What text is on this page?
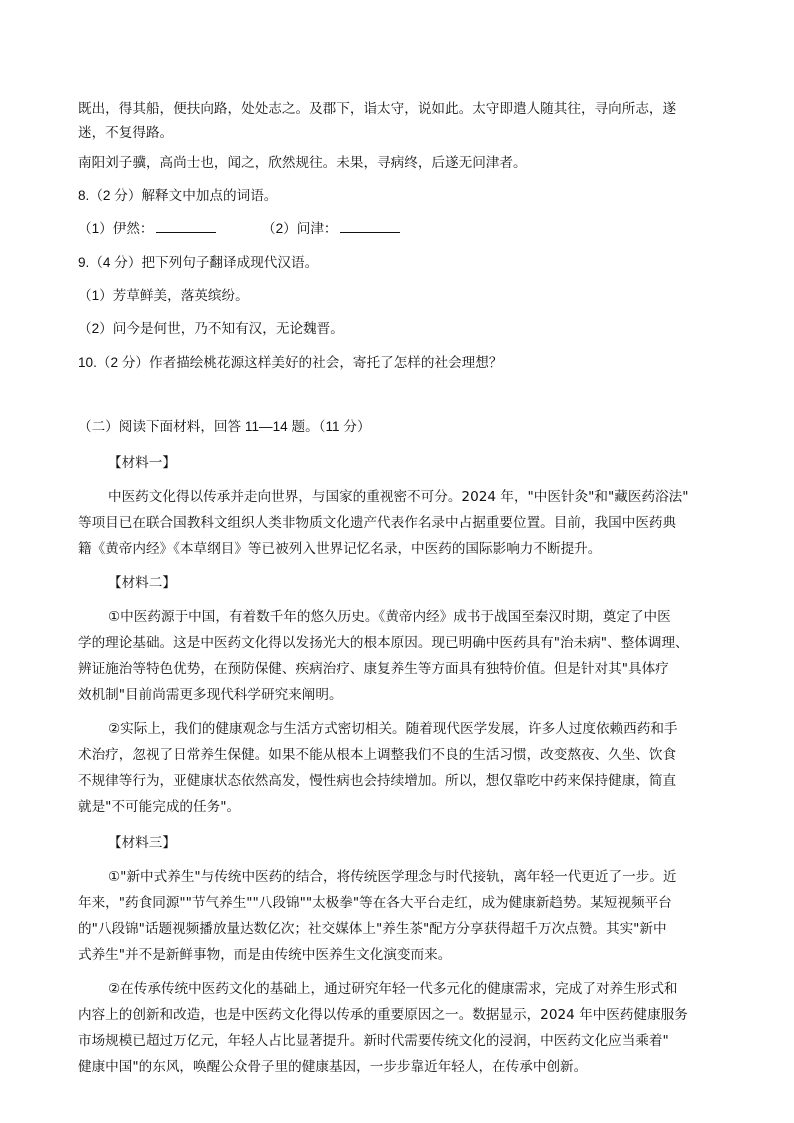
既出，得其船，便扶向路，处处志之。及郡下，诣太守，说如此。太守即遣人随其往，寻向所志，遂

迷，不复得路。

南阳刘子骥，高尚士也，闻之，欣然规往。未果，寻病终，后遂无问津者。

8.（2 分）解释文中加点的词语。

（1）伊然：	（2）问津：

9.（4 分）把下列句子翻译成现代汉语。

（1）芳草鲜美，落英缤纷。

（2）问今是何世，乃不知有汉，无论魏晋。

10.（2 分）作者描绘桃花源这样美好的社会，寄托了怎样的社会理想？

（二）阅读下面材料，回答 11—14 题。（11 分）

【材料一】

中医药文化得以传承并走向世界，与国家的重视密不可分。2024 年，"中医针灸"和"藏医药浴法"

等项目已在联合国教科文组织人类非物质文化遗产代表作名录中占据重要位置。目前，我国中医药典

籍《黄帝内经》《本草纲目》等已被列入世界记忆名录，中医药的国际影响力不断提升。

【材料二】

①中医药源于中国，有着数千年的悠久历史。《黄帝内经》成书于战国至秦汉时期，奠定了中医

学的理论基础。这是中医药文化得以发扬光大的根本原因。现已明确中医药具有"治未病"、整体调理、

辨证施治等特色优势，在预防保健、疾病治疗、康复养生等方面具有独特价值。但是针对其"具体疗

效机制"目前尚需更多现代科学研究来阐明。

②实际上，我们的健康观念与生活方式密切相关。随着现代医学发展，许多人过度依赖西药和手

术治疗，忽视了日常养生保健。如果不能从根本上调整我们不良的生活习惯，改变熬夜、久坐、饮食

不规律等行为，亚健康状态依然高发，慢性病也会持续增加。所以，想仅靠吃中药来保持健康，简直

就是"不可能完成的任务"。

【材料三】

①"新中式养生"与传统中医药的结合，将传统医学理念与时代接轨，离年轻一代更近了一步。近

年来，"药食同源""节气养生""八段锦""太极拳"等在各大平台走红，成为健康新趋势。某短视频平台

的"八段锦"话题视频播放量达数亿次；社交媒体上"养生茶"配方分享获得超千万次点赞。其实"新中

式养生"并不是新鲜事物，而是由传统中医养生文化演变而来。

②在传承传统中医药文化的基础上，通过研究年轻一代多元化的健康需求，完成了对养生形式和

内容上的创新和改造，也是中医药文化得以传承的重要原因之一。数据显示，2024 年中医药健康服务

市场规模已超过万亿元，年轻人占比显著提升。新时代需要传统文化的浸润，中医药文化应当乘着"

健康中国"的东风，唤醒公众骨子里的健康基因，一步步靠近年轻人，在传承中创新。
